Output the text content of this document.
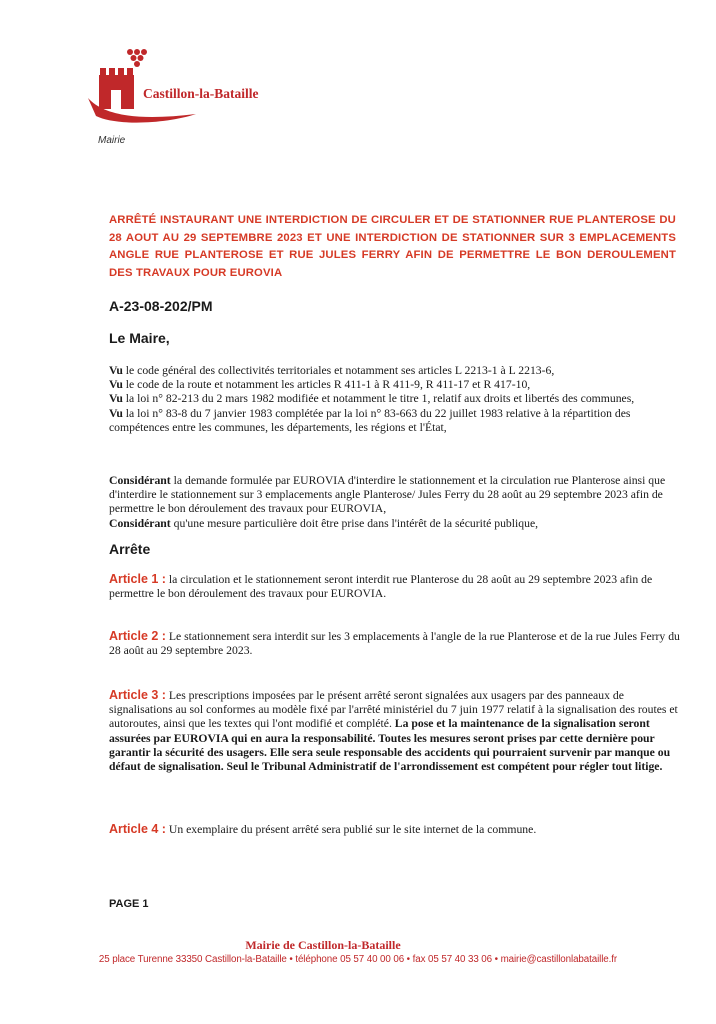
Castillon-la-Bataille
Mairie
ARRÊTÉ INSTAURANT UNE INTERDICTION DE CIRCULER ET DE STATIONNER RUE PLANTEROSE DU 28 AOUT AU 29 SEPTEMBRE 2023 ET UNE INTERDICTION DE STATIONNER SUR 3 EMPLACEMENTS ANGLE RUE PLANTEROSE ET RUE JULES FERRY AFIN DE PERMETTRE LE BON DEROULEMENT DES TRAVAUX POUR EUROVIA
A-23-08-202/PM
Le Maire,

Vu le code général des collectivités territoriales et notamment ses articles L 2213-1 à L 2213-6,

Vu le code de la route et notamment les articles R 411-1 à R 411-9, R 411-17 et R 417-10,

Vu la loi n° 82-213 du 2 mars 1982 modifiée et notamment le titre 1, relatif aux droits et libertés des communes,

Vu la loi n° 83-8 du 7 janvier 1983 complétée par la loi n° 83-663 du 22 juillet 1983 relative à la répartition des compétences entre les communes, les départements, les régions et l'État,

Considérant la demande formulée par EUROVIA d'interdire le stationnement et la circulation rue Planterose ainsi que d'interdire le stationnement sur 3 emplacements angle Planterose/ Jules Ferry du 28 août au 29 septembre 2023 afin de permettre le bon déroulement des travaux pour EUROVIA,

Considérant qu'une mesure particulière doit être prise dans l'intérêt de la sécurité publique,

Arrête
Article 1 : la circulation et le stationnement seront interdit rue Planterose du 28 août au 29 septembre 2023 afin de permettre le bon déroulement des travaux pour EUROVIA.
Article 2 : Le stationnement sera interdit sur les 3 emplacements à l'angle de la rue Planterose et de la rue Jules Ferry du 28 août au 29 septembre 2023.
Article 3 : Les prescriptions imposées par le présent arrêté seront signalées aux usagers par des panneaux de signalisations au sol conformes au modèle fixé par l'arrêté ministériel du 7 juin 1977 relatif à la signalisation des routes et autoroutes, ainsi que les textes qui l'ont modifié et complété. La pose et la maintenance de la signalisation seront assurées par EUROVIA qui en aura la responsabilité. Toutes les mesures seront prises par cette dernière pour garantir la sécurité des usagers. Elle sera seule responsable des accidents qui pourraient survenir par manque ou défaut de signalisation. Seul le Tribunal Administratif de l'arrondissement est compétent pour régler tout litige.
Article 4 : Un exemplaire du présent arrêté sera publié sur le site internet de la commune.
PAGE 1
Mairie de Castillon-la-Bataille
25 place Turenne 33350 Castillon-la-Bataille • téléphone 05 57 40 00 06 • fax 05 57 40 33 06 • mairie@castillonlabataille.fr
